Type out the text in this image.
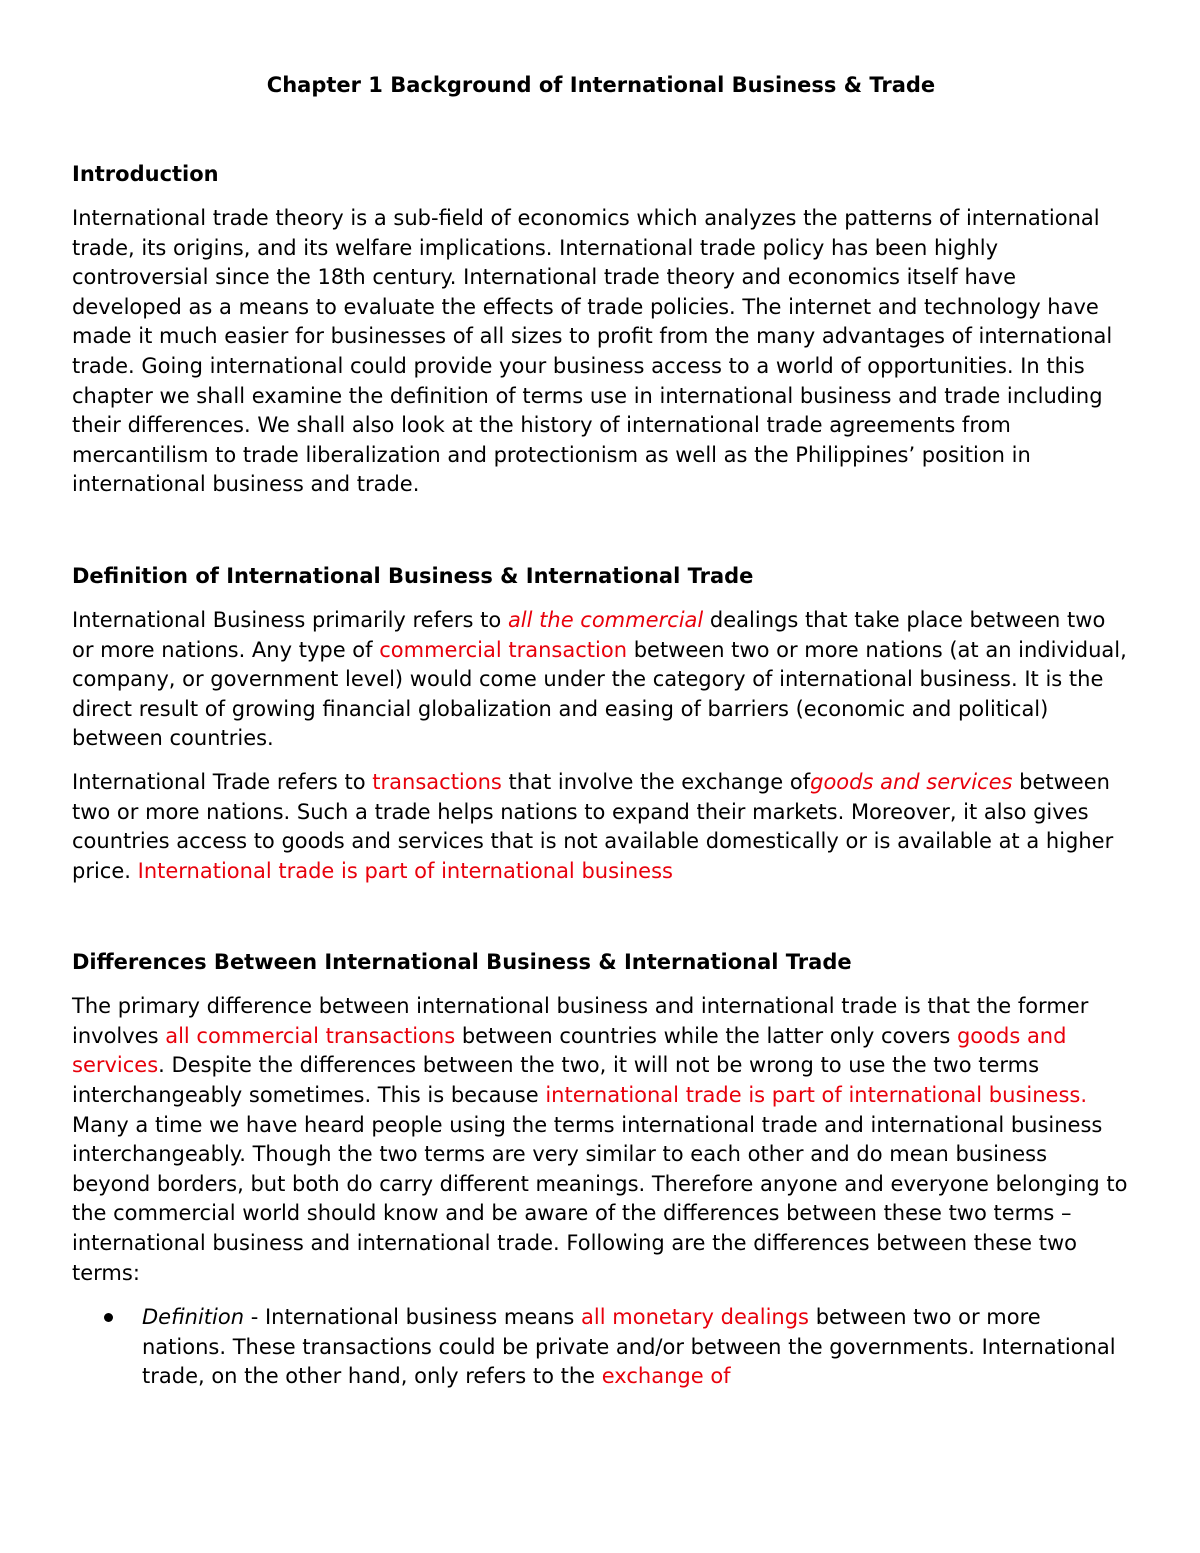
Chapter 1 Background of International Business & Trade
Introduction

International trade theory is a sub-field of economics which analyzes the patterns of international trade, its origins, and its welfare implications. International trade policy has been highly controversial since the 18th century. International trade theory and economics itself have developed as a means to evaluate the effects of trade policies. The internet and technology have made it much easier for businesses of all sizes to profit from the many advantages of international trade. Going international could provide your business access to a world of opportunities. In this chapter we shall examine the definition of terms use in international business and trade including their differences. We shall also look at the history of international trade agreements from mercantilism to trade liberalization and protectionism as well as the Philippines’ position in international business and trade.

Definition of International Business & International Trade

International Business primarily refers to all the commercial dealings that take place between two or more nations. Any type of commercial transaction between two or more nations (at an individual, company, or government level) would come under the category of international business. It is the direct result of growing financial globalization and easing of barriers (economic and political) between countries.

International Trade refers to transactions that involve the exchange ofgoods and services between two or more nations. Such a trade helps nations to expand their markets. Moreover, it also gives countries access to goods and services that is not available domestically or is available at a higher price. International trade is part of international business

Differences Between International Business & International Trade

The primary difference between international business and international trade is that the former involves all commercial transactions between countries while the latter only covers goods and services. Despite the differences between the two, it will not be wrong to use the two terms interchangeably sometimes. This is because international trade is part of international business. Many a time we have heard people using the terms international trade and international business interchangeably. Though the two terms are very similar to each other and do mean business beyond borders, but both do carry different meanings. Therefore anyone and everyone belonging to the commercial world should know and be aware of the differences between these two terms – international business and international trade. Following are the differences between these two terms:

Definition - International business means all monetary dealings between two or more nations. These transactions could be private and/or between the governments. International trade, on the other hand, only refers to the exchange of
